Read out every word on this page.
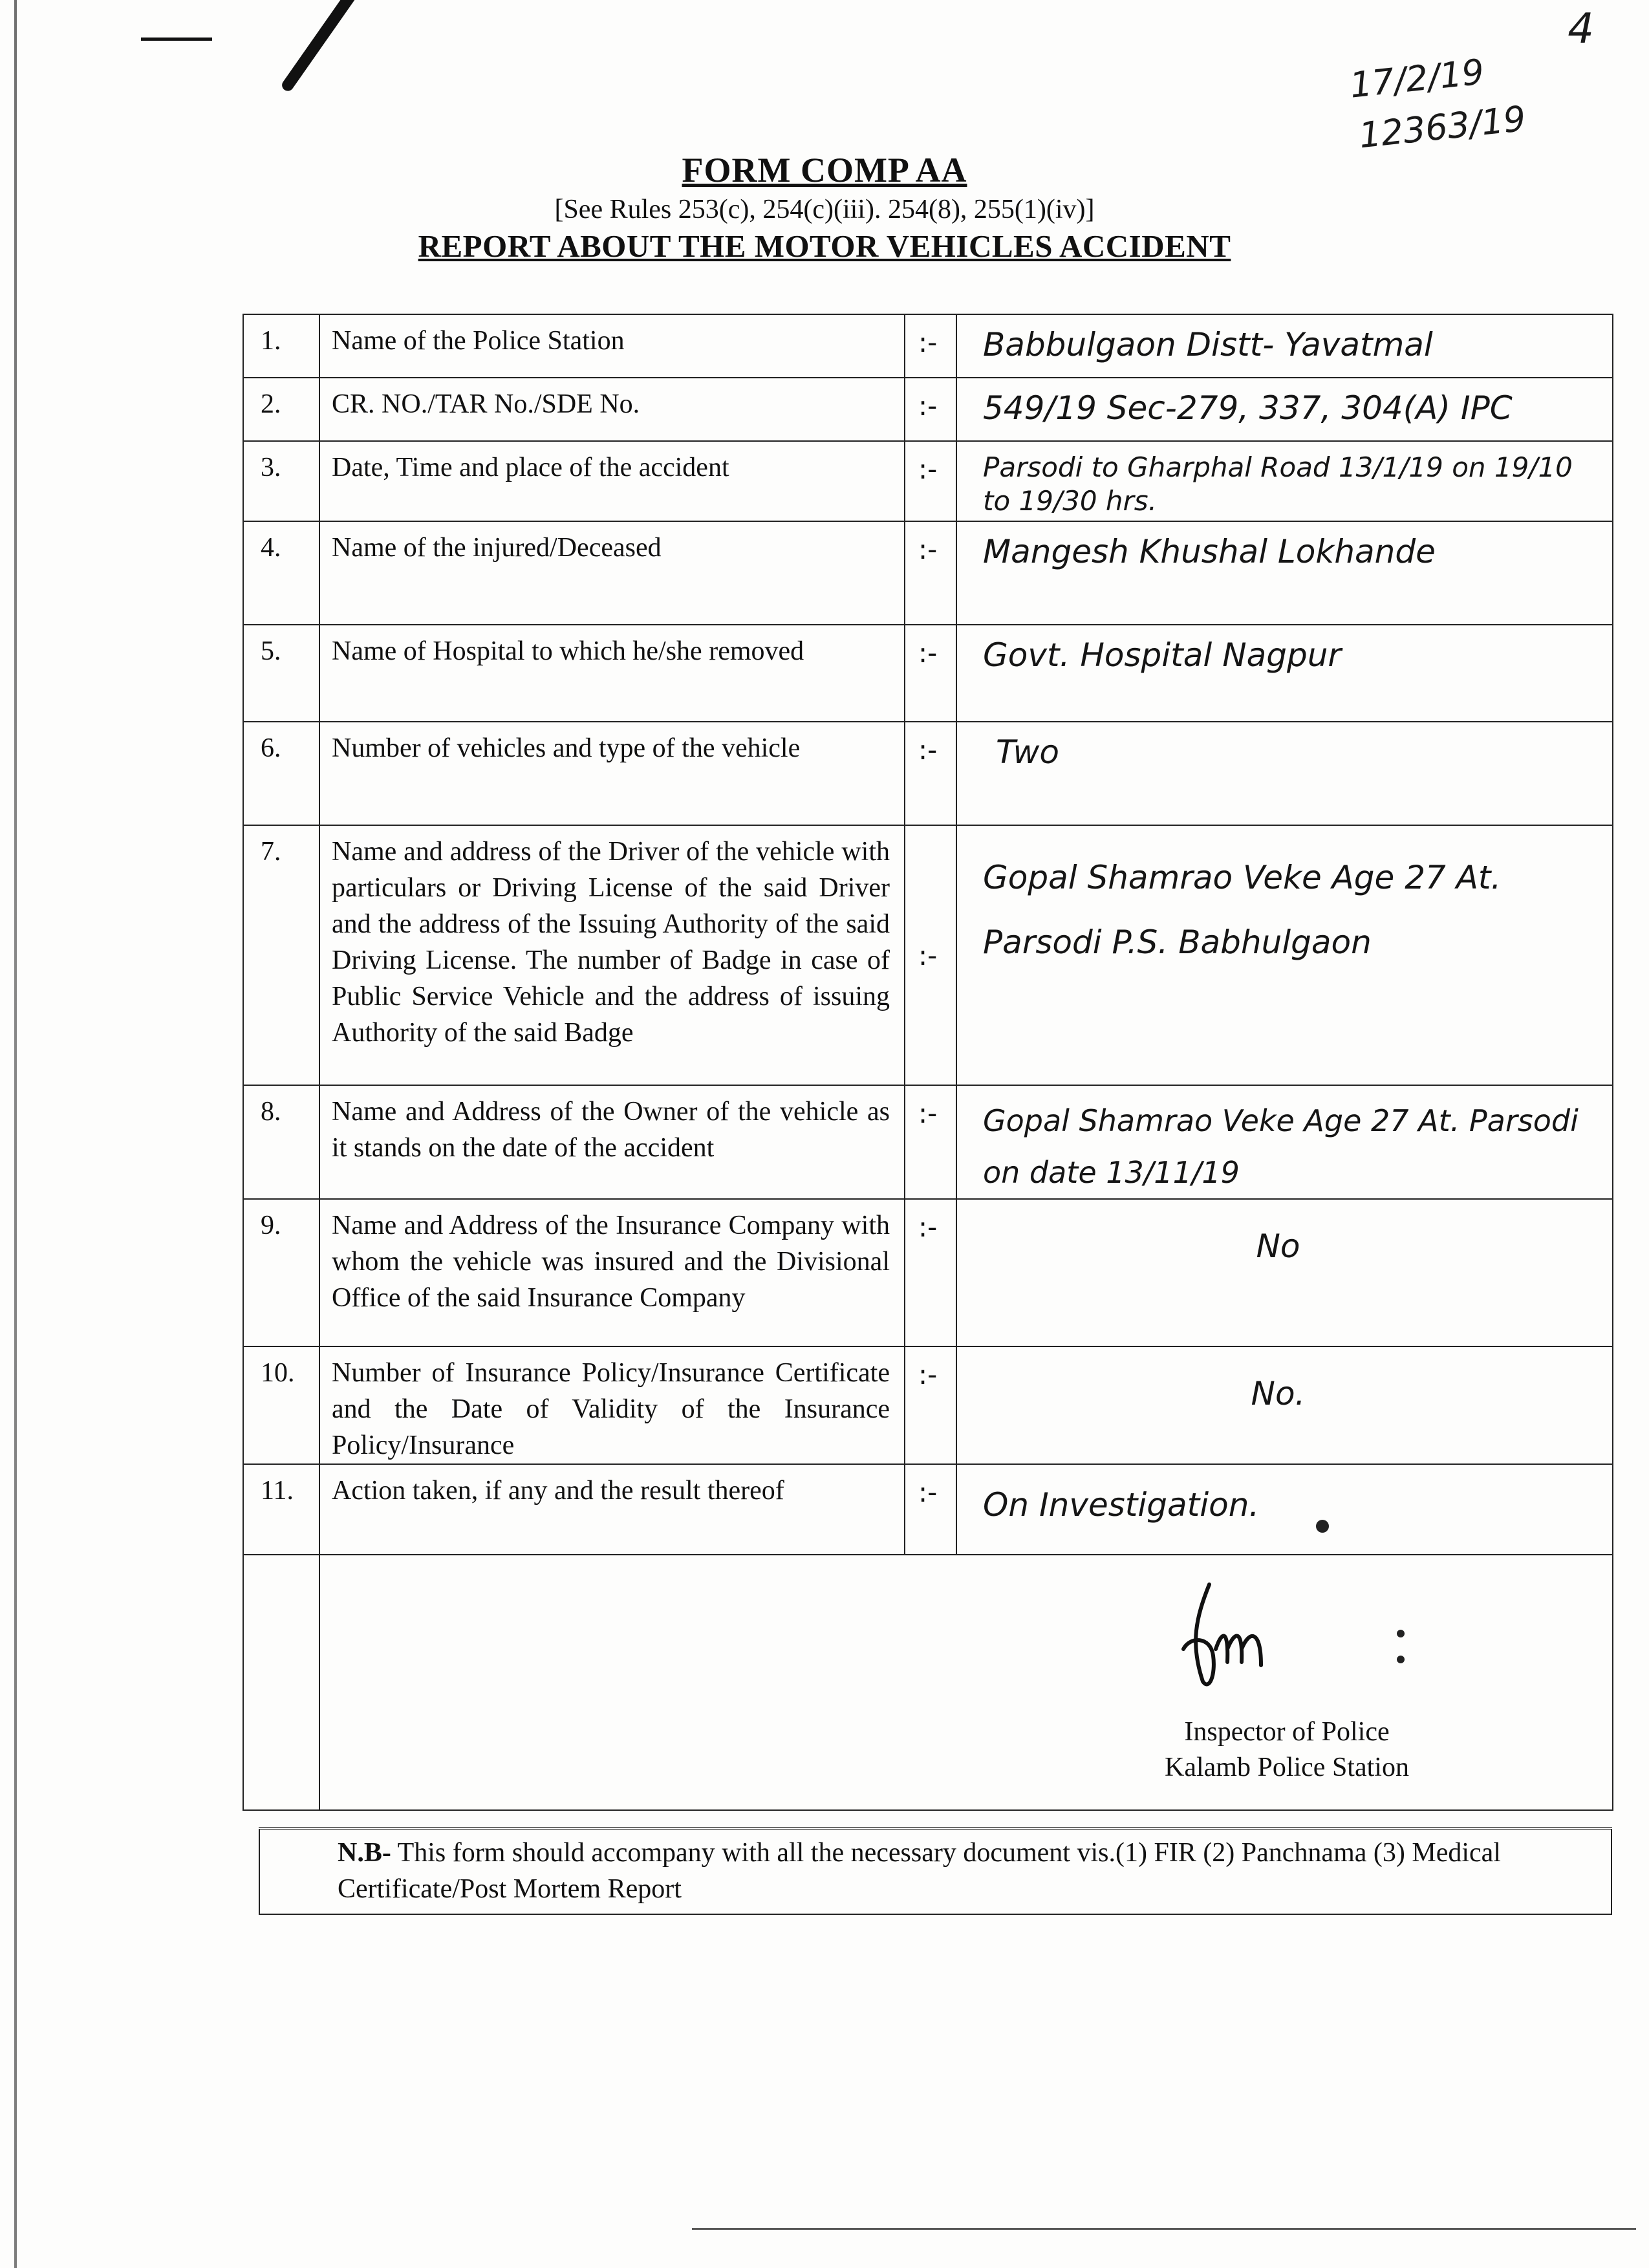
4
17/2/19
12363/19
FORM COMP AA
[See Rules 253(c), 254(c)(iii). 254(8), 255(1)(iv)]
REPORT ABOUT THE MOTOR VEHICLES ACCIDENT
1.	Name of the Police Station	:-	Babbulgaon Distt- Yavatmal
2.	CR. NO./TAR No./SDE No.	:-	549/19 Sec-279, 337, 304(A) IPC
3.	Date, Time and place of the accident	:-	Parsodi to Gharphal Road 13/1/19 on 19/10 to 19/30 hrs.
4.	Name of the injured/Deceased	:-	Mangesh Khushal Lokhande
5.	Name of Hospital to which he/she removed	:-	Govt. Hospital Nagpur
6.	Number of vehicles and type of the vehicle	:-	Two
7.	Name and address of the Driver of the vehicle with particulars or Driving License of the said Driver and the address of the Issuing Authority of the said Driving License. The number of Badge in case of Public Service Vehicle and the address of issuing Authority of the said Badge	:-	Gopal Shamrao Veke Age 27 At. Parsodi P.S. Babhulgaon
8.	Name and Address of the Owner of the vehicle as it stands on the date of the accident	:-	Gopal Shamrao Veke Age 27 At. Parsodi on date 13/11/19
9.	Name and Address of the Insurance Company with whom the vehicle was insured and the Divisional Office of the said Insurance Company	:-	No
10.	Number of Insurance Policy/Insurance Certificate and the Date of Validity of the Insurance Policy/Insurance	:-	No.
11.	Action taken, if any and the result thereof	:-	On Investigation.

Inspector of Police
Kalamb Police Station
N.B- This form should accompany with all the necessary document vis.(1) FIR (2) Panchnama (3) Medical Certificate/Post Mortem Report
